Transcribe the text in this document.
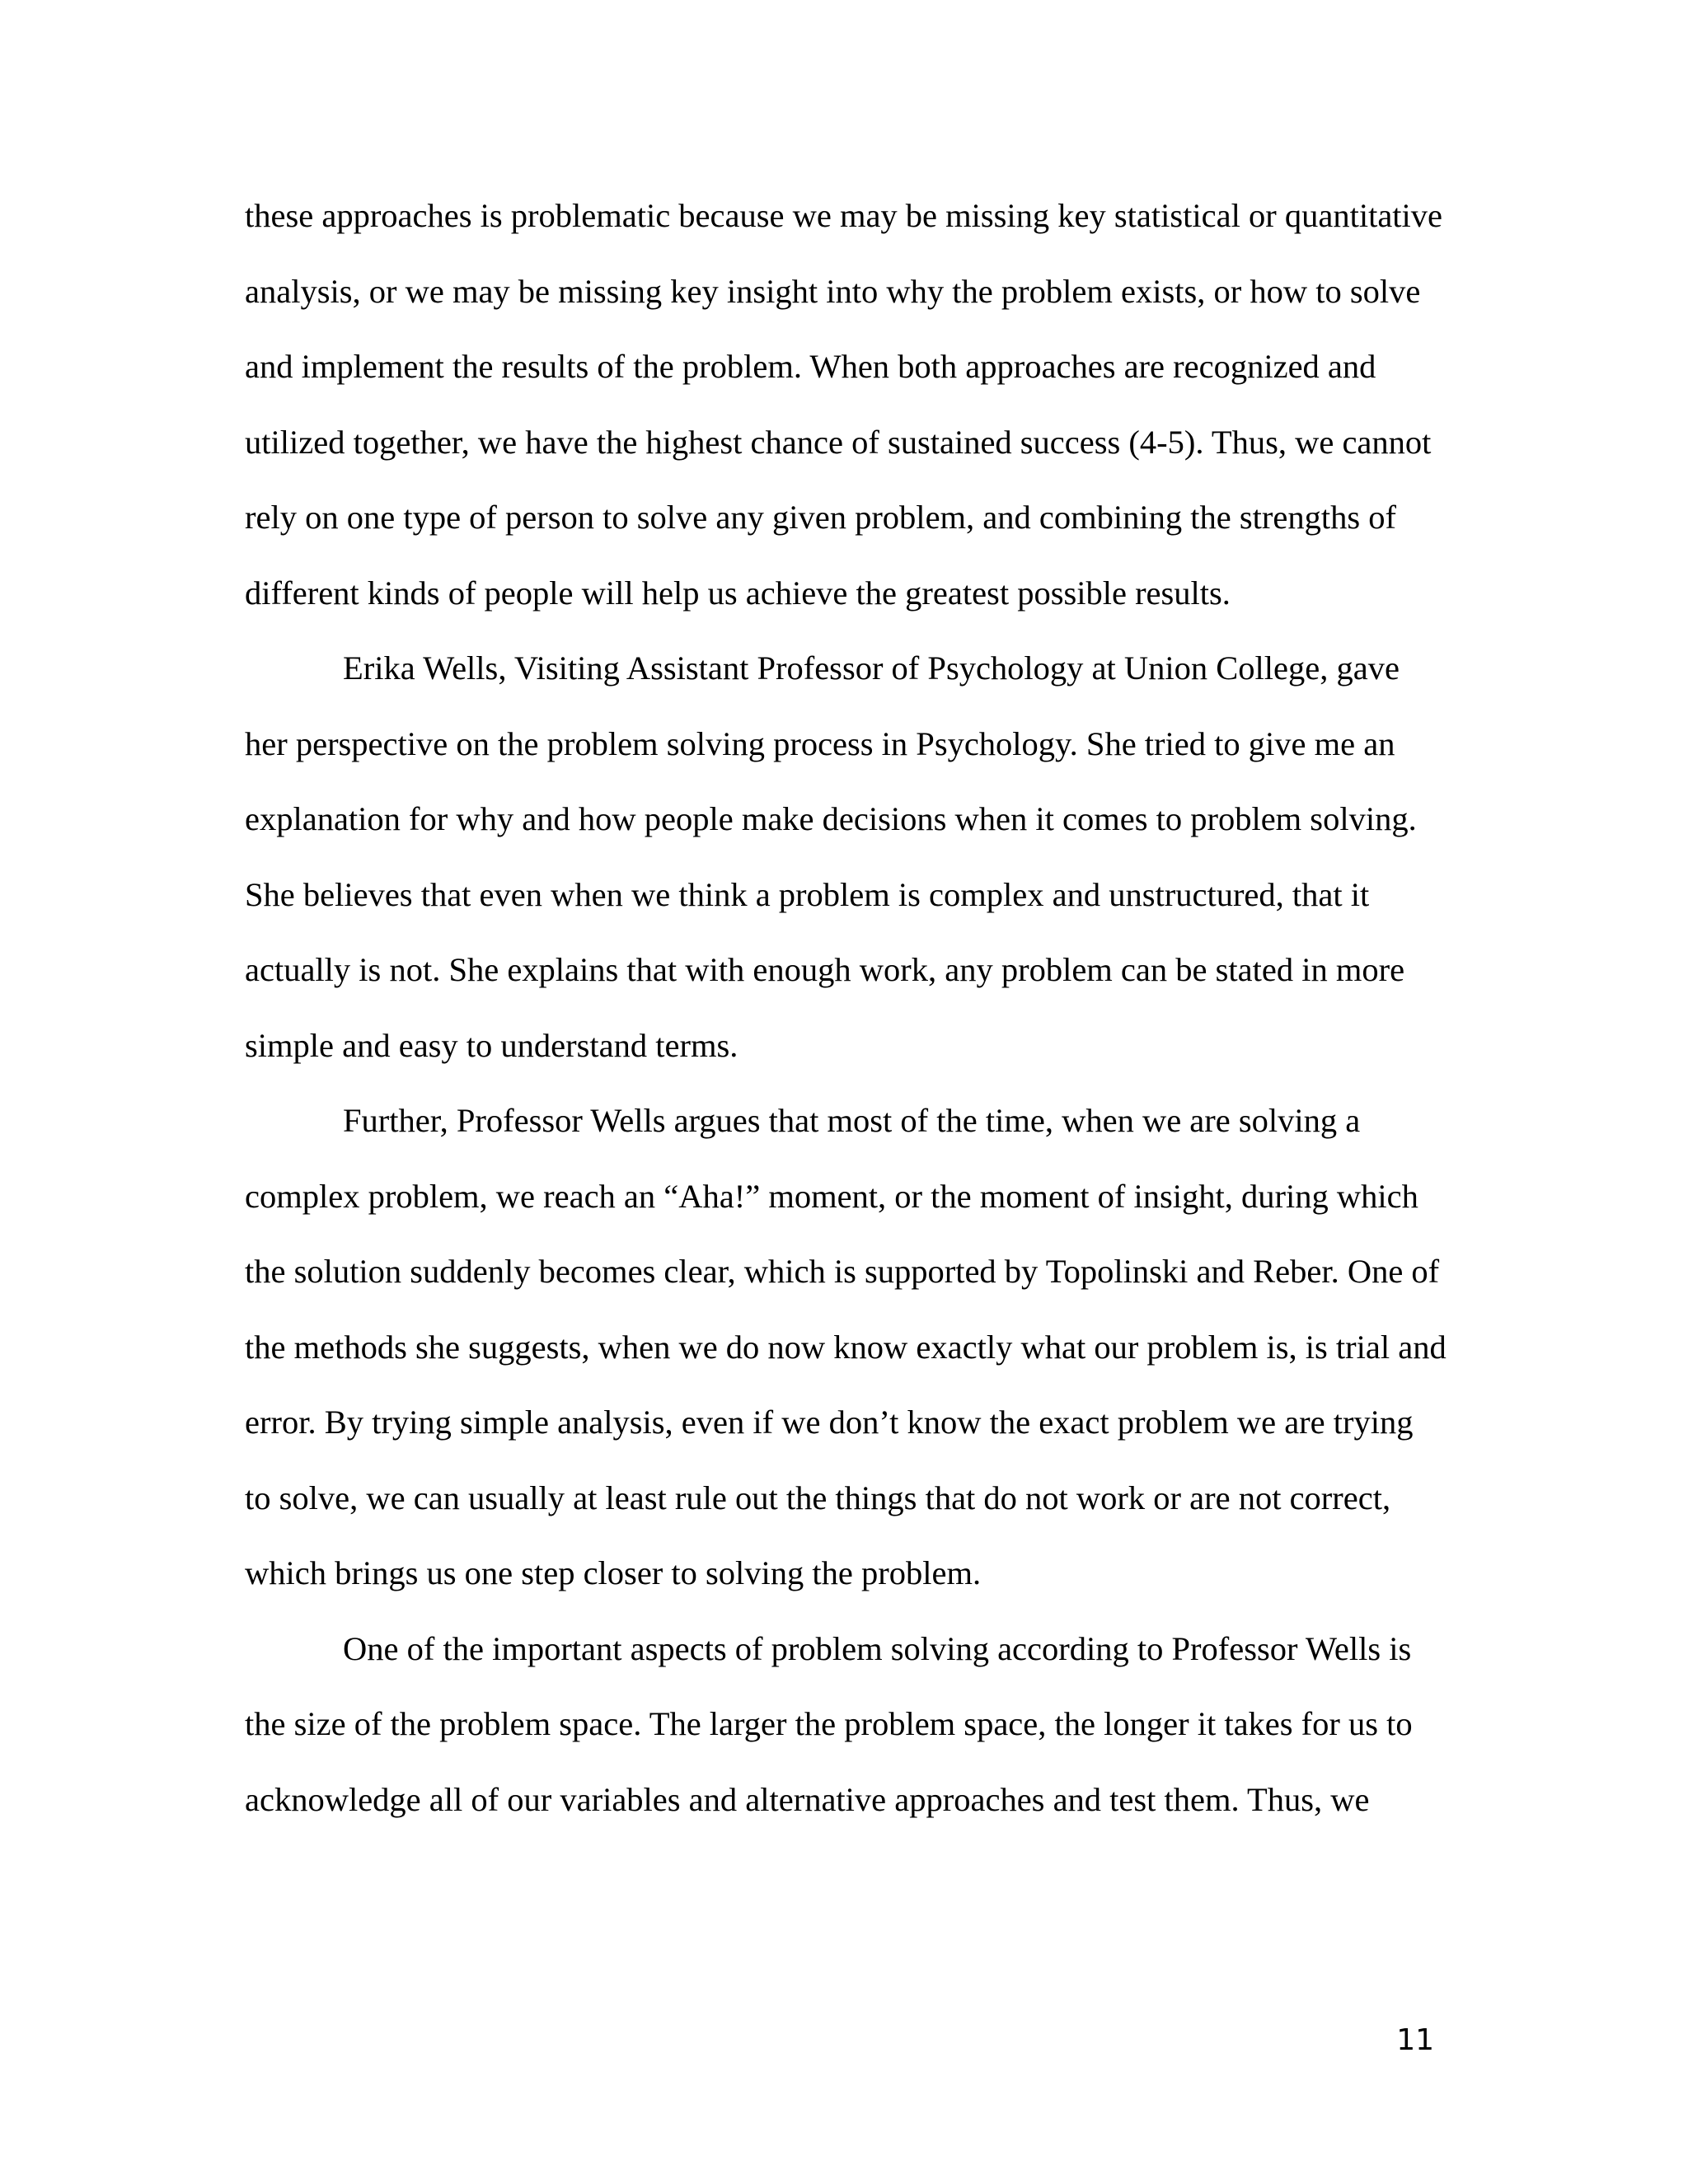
these approaches is problematic because we may be missing key statistical or quantitative
analysis, or we may be missing key insight into why the problem exists, or how to solve
and implement the results of the problem. When both approaches are recognized and
utilized together, we have the highest chance of sustained success (4-5). Thus, we cannot
rely on one type of person to solve any given problem, and combining the strengths of
different kinds of people will help us achieve the greatest possible results.
Erika Wells, Visiting Assistant Professor of Psychology at Union College, gave
her perspective on the problem solving process in Psychology. She tried to give me an
explanation for why and how people make decisions when it comes to problem solving.
She believes that even when we think a problem is complex and unstructured, that it
actually is not. She explains that with enough work, any problem can be stated in more
simple and easy to understand terms.
Further, Professor Wells argues that most of the time, when we are solving a
complex problem, we reach an “Aha!” moment, or the moment of insight, during which
the solution suddenly becomes clear, which is supported by Topolinski and Reber. One of
the methods she suggests, when we do now know exactly what our problem is, is trial and
error. By trying simple analysis, even if we don’t know the exact problem we are trying
to solve, we can usually at least rule out the things that do not work or are not correct,
which brings us one step closer to solving the problem.
One of the important aspects of problem solving according to Professor Wells is
the size of the problem space. The larger the problem space, the longer it takes for us to
acknowledge all of our variables and alternative approaches and test them. Thus, we
11
